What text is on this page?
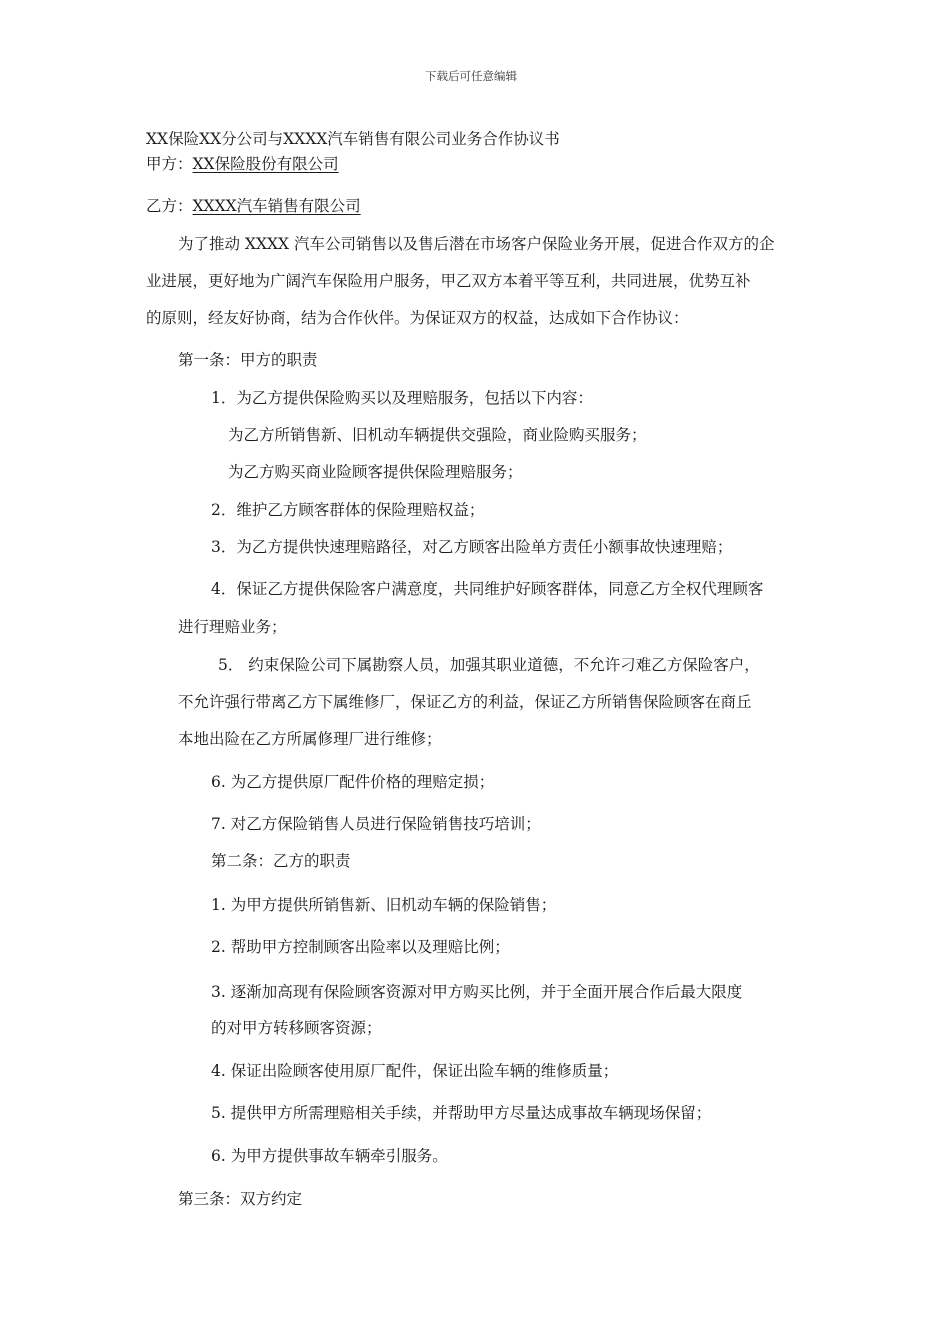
下载后可任意编辑
XX保险XX分公司与XXXX汽车销售有限公司业务合作协议书
甲方：XX保险股份有限公司
乙方：XXXX汽车销售有限公司
为了推动 XXXX 汽车公司销售以及售后潜在市场客户保险业务开展，促进合作双方的企
业进展，更好地为广阔汽车保险用户服务，甲乙双方本着平等互利，共同进展，优势互补
的原则，经友好协商，结为合作伙伴。为保证双方的权益，达成如下合作协议：
第一条：甲方的职责
1．为乙方提供保险购买以及理赔服务，包括以下内容：
为乙方所销售新、旧机动车辆提供交强险，商业险购买服务；
为乙方购买商业险顾客提供保险理赔服务；
2．维护乙方顾客群体的保险理赔权益；
3．为乙方提供快速理赔路径，对乙方顾客出险单方责任小额事故快速理赔；
4．保证乙方提供保险客户满意度，共同维护好顾客群体，同意乙方全权代理顾客
进行理赔业务；
5． 约束保险公司下属勘察人员，加强其职业道德，不允许刁难乙方保险客户，
不允许强行带离乙方下属维修厂，保证乙方的利益，保证乙方所销售保险顾客在商丘
本地出险在乙方所属修理厂进行维修；
6. 为乙方提供原厂配件价格的理赔定损；
7. 对乙方保险销售人员进行保险销售技巧培训；
第二条：乙方的职责
1. 为甲方提供所销售新、旧机动车辆的保险销售；
2. 帮助甲方控制顾客出险率以及理赔比例；
3. 逐渐加高现有保险顾客资源对甲方购买比例，并于全面开展合作后最大限度
的对甲方转移顾客资源；
4. 保证出险顾客使用原厂配件，保证出险车辆的维修质量；
5. 提供甲方所需理赔相关手续，并帮助甲方尽量达成事故车辆现场保留；
6. 为甲方提供事故车辆牵引服务。
第三条：双方约定
